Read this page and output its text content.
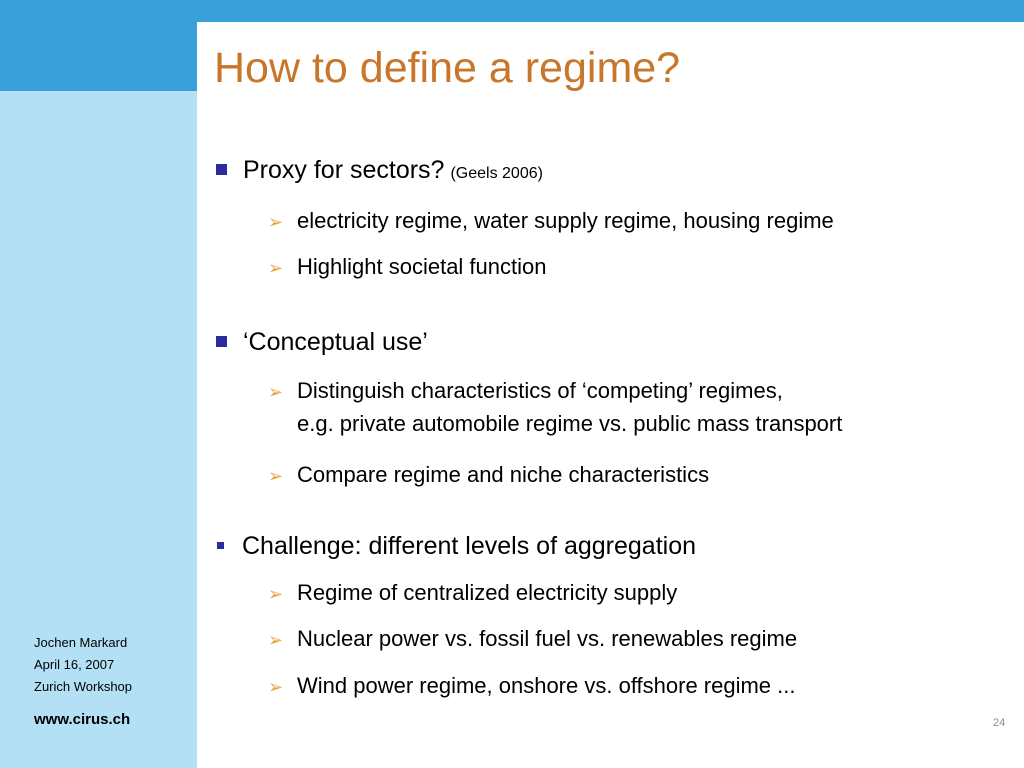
How to define a regime?
Proxy for sectors? (Geels 2006)
➢ electricity regime, water supply regime, housing regime
➢ Highlight societal function
‘Conceptual use’
➢ Distinguish characteristics of ‘competing’ regimes,
e.g. private automobile regime vs. public mass transport
➢ Compare regime and niche characteristics
Challenge: different levels of aggregation
➢ Regime of centralized electricity supply
➢ Nuclear power vs. fossil fuel vs. renewables regime
➢ Wind power regime, onshore vs. offshore regime ...
Jochen Markard
April 16, 2007
Zurich Workshop
www.cirus.ch	24
